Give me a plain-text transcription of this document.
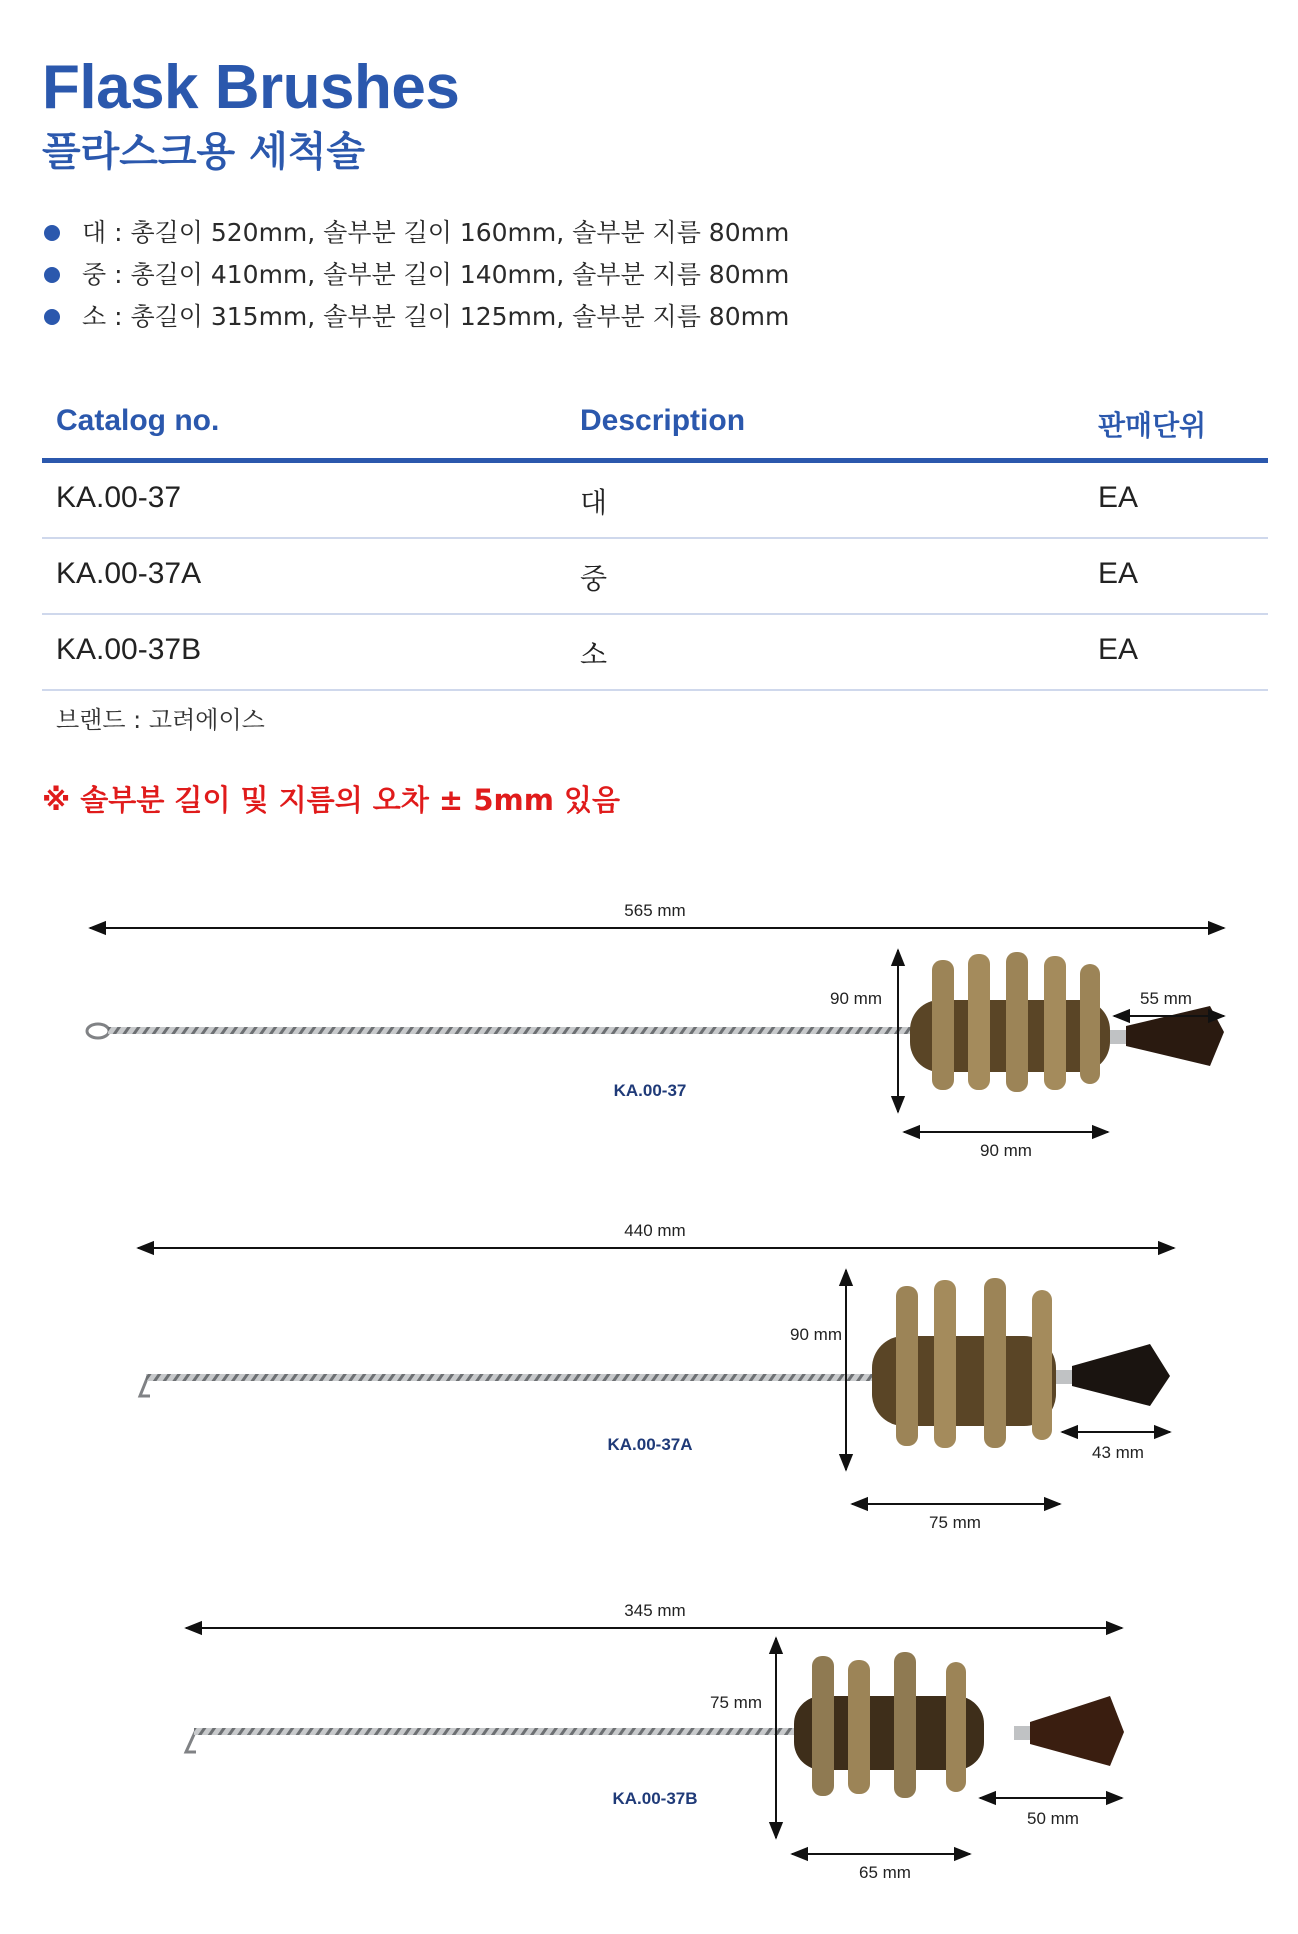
Flask Brushes
플라스크용 세척솔
대 : 총길이 520mm, 솔부분 길이 160mm, 솔부분 지름 80mm
중 : 총길이 410mm, 솔부분 길이 140mm, 솔부분 지름 80mm
소 : 총길이 315mm, 솔부분 길이 125mm, 솔부분 지름 80mm
Catalog no.	Description	판매단위
KA.00-37	대	EA
KA.00-37A	중	EA
KA.00-37B	소	EA
브랜드 : 고려에이스
※ 솔부분 길이 및 지름의 오차 ± 5mm 있음
565 mm
90 mm
90 mm
55 mm
KA.00-37
440 mm
90 mm
75 mm
43 mm
KA.00-37A
345 mm
75 mm
65 mm
50 mm
KA.00-37B
